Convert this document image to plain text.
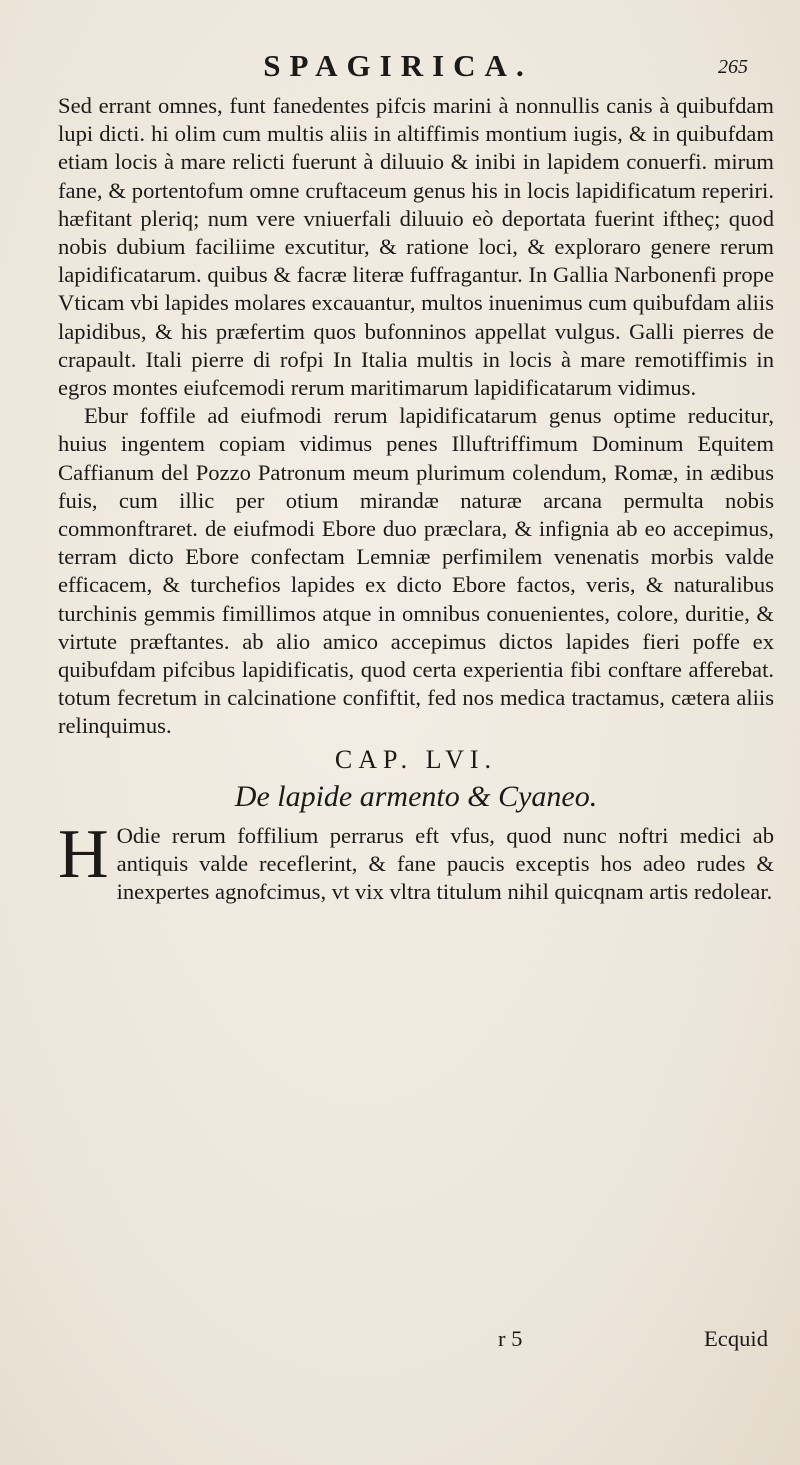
SPAGIRICA.	265

Sed errant omnes, funt fanedentes pifcis marini à nonnullis canis à quibufdam lupi dicti. hi olim cum multis aliis in altiffimis montium iugis, & in quibufdam etiam locis à mare relicti fuerunt à diluuio & inibi in lapidem conuerfi. mirum fane, & portentofum omne cruftaceum genus his in locis lapidificatum reperiri. hæfitant pleriq; num vere vniuerfali diluuio eò deportata fuerint iftheç; quod nobis dubium faciliime excutitur, & ratione loci, & exploraro genere rerum lapidificatarum. quibus & facræ literæ fuffragantur. In Gallia Narbonenfi prope Vticam vbi lapides molares excauantur, multos inuenimus cum quibufdam aliis lapidibus, & his præfertim quos bufonninos appellat vulgus. Galli pierres de crapault. Itali pierre di rofpi In Italia multis in locis à mare remotiffimis in egros montes eiufcemodi rerum maritimarum lapidificatarum vidimus.

Ebur foffile ad eiufmodi rerum lapidificatarum genus optime reducitur, huius ingentem copiam vidimus penes Illuftriffimum Dominum Equitem Caffianum del Pozzo Patronum meum plurimum colendum, Romæ, in ædibus fuis, cum illic per otium mirandæ naturæ arcana permulta nobis commonftraret. de eiufmodi Ebore duo præclara, & infignia ab eo accepimus, terram dicto Ebore confectam Lemniæ perfimilem venenatis morbis valde efficacem, & turchefios lapides ex dicto Ebore factos, veris, & naturalibus turchinis gemmis fimillimos atque in omnibus conuenientes, colore, duritie, & virtute præftantes. ab alio amico accepimus dictos lapides fieri poffe ex quibufdam pifcibus lapidificatis, quod certa experientia fibi conftare afferebat. totum fecretum in calcinatione confiftit, fed nos medica tractamus, cætera aliis relinquimus.

CAP. LVI.
De lapide armento & Cyaneo.

H Odie rerum foffilium perrarus eft vfus, quod nunc noftri medici ab antiquis valde receflerint, & fane paucis exceptis hos adeo rudes & inexpertes agnofcimus, vt vix vltra titulum nihil quicqnam artis redolear.

r 5	Ecquid
